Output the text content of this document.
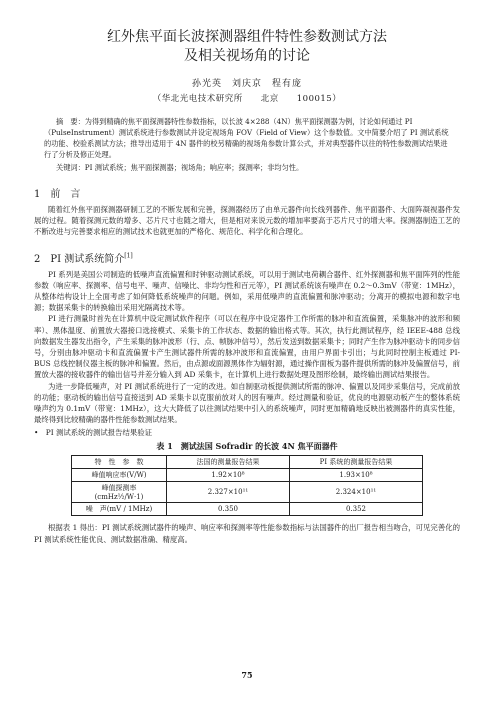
红外焦平面长波探测器组件特性参数测试方法
及相关视场角的讨论
孙光英　刘庆京　程有庞
（华北光电技术研究所　　北京　　100015）

摘　要：为得到精确的焦平面探测器特性参数指标，以长波 4×288（4N）焦平面探测器为例，讨论如何通过 PI（PulseInstrument）测试系统进行参数测试并设定视场角 FOV（Field of View）这个参数值。文中简要介绍了 PI 测试系统的功能、校验系测试方法；推导出适用于 4N 器件的校另精确的视场角参数计算公式，并对典型器件以往的特性参数测试结果进行了分析及修正处理。

关键词：PI 测试系统；焦平面探测器；视场角；响应率；探测率；非均匀性。

1　前　言

随着红外焦平面探测器研制工艺的不断发展和完善，探测器经历了由单元器件向长线列器件、焦平面器件、大面阵凝视器件发展的过程。随着探测元数的增多、芯片尺寸也随之增大，但是相对来说元数的增加率要高于芯片尺寸的增大率。探测器制造工艺的不断改进与完善要求相应的测试技术也就更加的严格化、规范化、科学化和合理化。

2　PI 测试系统简介[1]

PI 系列是美国公司制造的低噪声直流偏置和时钟驱动测试系统，可以用于测试电荷耦合器件、红外探测器和焦平面阵列的性能参数（响应率、探测率、信号电平、噪声、信噪比、非均匀性和百元等），PI 测试系统该有噪声在 0.2～0.3mV（带宽：1MHz），从整体结构设计上全面考虑了如何降低系统噪声的问题。例如，采用低噪声的直流偏置和脉冲驱动；分离开的模拟电源和数字电源；数据采集卡的转换输出采用光隔离技术等。

PI 进行测量时首先在计算机中设定测试软件程序（可以在程序中设定器件工作所需的脉冲和直流偏置，采集脉冲的波形和频率）、黑体温度、前置放大器接口选接模式、采集卡的工作状态、数据的输出格式等。其次，执行此测试程序，经 IEEE-488 总线向数据发生器发出指令，产生采集的脉冲波形（行、点、帧脉冲信号），然后发送到数据采集卡；同时产生作为脉冲驱动卡的同步信号，分别由脉冲驱动卡和直流偏置卡产生测试器件所需的脉冲波形和直流偏置，由用户界面卡引出；与此同时控制主板通过 PI-BUS 总线控制仪器主板的脉冲和偏置。然后，由点源或面源黑体作为辐射源，通过操作面板为器件提供所需的脉冲及偏置信号，前置放大器的接收器件的输出信号并差分输入到 AD 采集卡，在计算机上进行数据处理及图形绘制，最终输出测试结果报告。

为进一步降低噪声，对 PI 测试系统进行了一定的改进。如自制驱动板提供测试所需的脉冲、偏置以及同步采集信号，完成前放的功能；驱动板的输出信号直接送到 AD 采集卡以克服前放对人的因有噪声。经过测量和验证，优良的电源驱动板产生的整体系统噪声约为 0.1mV（带宽：1MHz），这大大降低了以往测试结果中引入的系统噪声，同时更加精确地反映出被测器件的真实性能，最终得到比较精确的器件性能参数测试结果。

•　PI 测试系统的测试报告结果验证

表 1　测试法国 Sofradir 的长波 4N 焦平面器件
特　性　参　数	法国的测量报告结果	PI 系统的测量报告结果
峰值响应率(V/W)	1.92×10⁸	1.93×10⁸
峰值探测率(cmHz½/W·1)	2.327×10¹¹	2.324×10¹¹
噪　声(mV / 1MHz)	0.350	0.352

根据表 1 得出：PI 测试系统测试器件的噪声、响应率和探测率等性能参数指标与法国器件的出厂报告相当吻合，可见完善化的 PI 测试系统性能优良、测试数据准确、精度高。

75
